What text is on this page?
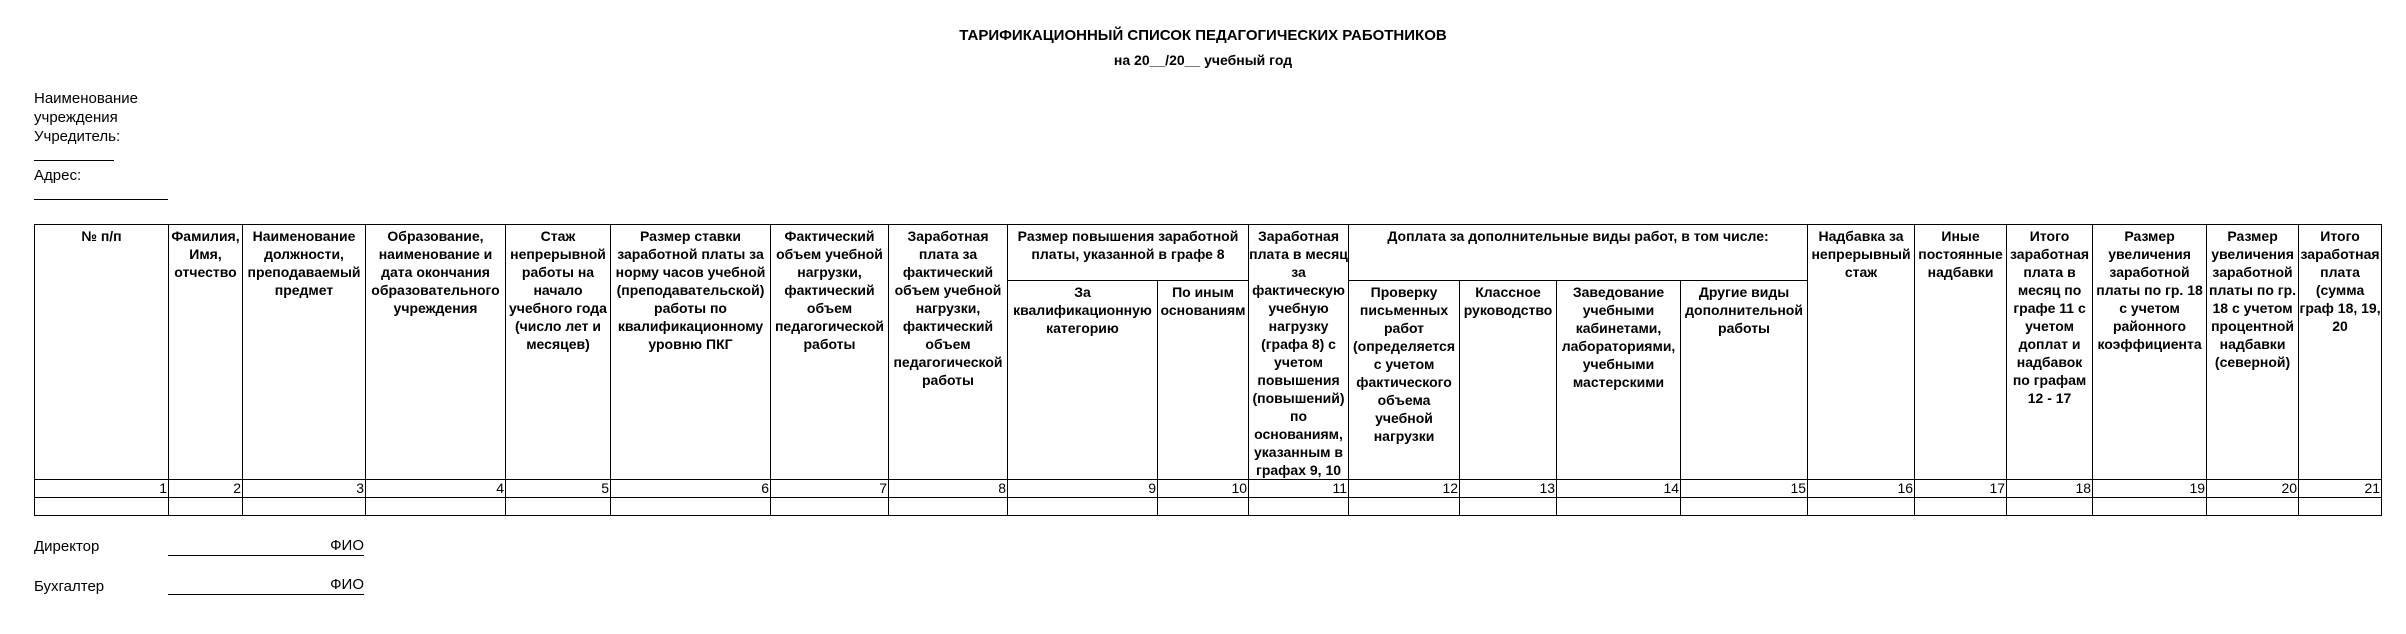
ТАРИФИКАЦИОННЫЙ СПИСОК ПЕДАГОГИЧЕСКИХ РАБОТНИКОВ
на 20__/20__ учебный год
Наименование
учреждения
Учредитель:
Адрес:
№ п/п	Фамилия, Имя, отчество	Наименование должности, преподаваемый предмет	Образование, наименование и дата окончания образовательного учреждения	Стаж непрерывной работы на начало учебного года (число лет и месяцев)	Размер ставки заработной платы за норму часов учебной (преподавательской) работы по квалификационному уровню ПКГ	Фактический объем учебной нагрузки, фактический объем педагогической работы	Заработная плата за фактический объем учебной нагрузки, фактический объем педагогической работы	Размер повышения заработной платы, указанной в графе 8		Заработная плата в месяц за фактическую учебную нагрузку (графа 8) с учетом повышения (повышений) по основаниям, указанным в графах 9, 10	Доплата за дополнительные виды работ, в том числе:				Надбавка за непрерывный стаж	Иные постоянные надбавки	Итого заработная плата в месяц по графе 11 с учетом доплат и надбавок по графам 12 - 17	Размер увеличения заработной платы по гр. 18 с учетом районного коэффициента	Размер увеличения заработной платы по гр. 18 с учетом процентной надбавки (северной)	Итого заработная плата (сумма граф 18, 19, 20
								За квалификационную категорию	По иным основаниям		Проверку письменных работ (определяется с учетом фактического объема учебной нагрузки	Классное руководство	Заведование учебными кабинетами, лабораториями, учебными мастерскими	Другие виды дополнительной работы						
1	2	3	4	5	6	7	8	9	10	11	12	13	14	15	16	17	18	19	20	21

Директор	ФИО
Бухгалтер	ФИО
